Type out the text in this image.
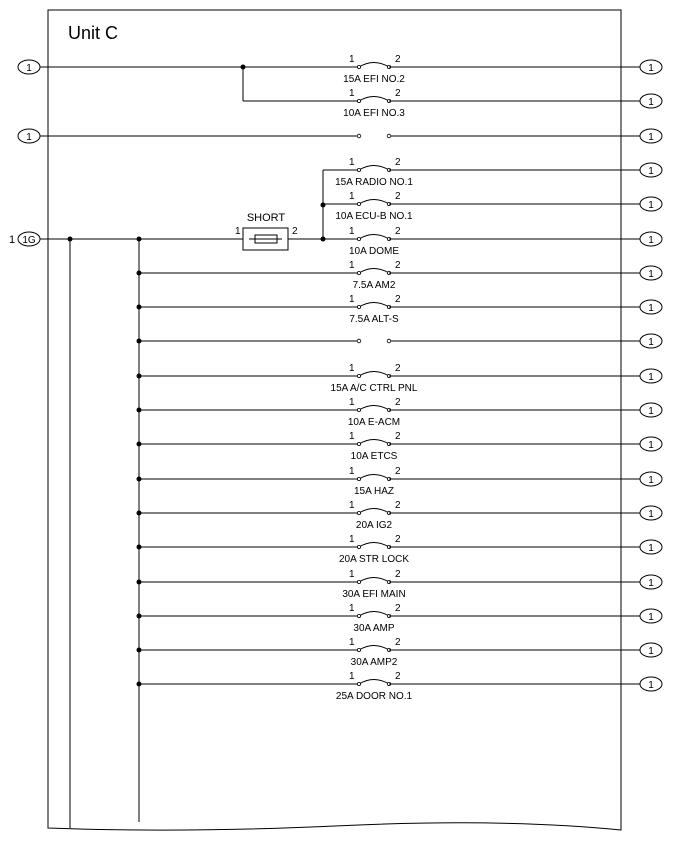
Unit C
1 1G
SHORT
1	2
1
1	2
15A EFI NO.2
1
1	2
10A EFI NO.3
1
1
1	2
15A RADIO NO.1
1
1	2
10A ECU-B NO.1
1
1	2
10A DOME
1
1	2
7.5A AM2
1
1	2
7.5A ALT-S
1
1
1	2
15A A/C CTRL PNL
1
1	2
10A E-ACM
1
1	2
10A ETCS
1
1	2
15A HAZ
1
1	2
20A IG2
1
1	2
20A STR LOCK
1
1	2
30A EFI MAIN
1
1	2
30A AMP
1
1	2
30A AMP2
1
1	2
25A DOOR NO.1
1
1
